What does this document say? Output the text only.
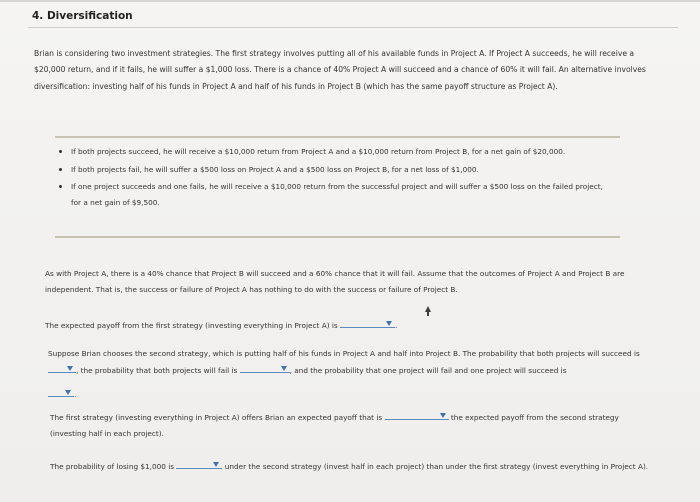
4. Diversification
Brian is considering two investment strategies. The first strategy involves putting all of his available funds in Project A. If Project A succeeds, he will receive a $20,000 return, and if it fails, he will suffer a $1,000 loss. There is a chance of 40% Project A will succeed and a chance of 60% it will fail. An alternative involves diversification: investing half of his funds in Project A and half of his funds in Project B (which has the same payoff structure as Project A).
If both projects succeed, he will receive a $10,000 return from Project A and a $10,000 return from Project B, for a net gain of $20,000.
If both projects fail, he will suffer a $500 loss on Project A and a $500 loss on Project B, for a net loss of $1,000.
If one project succeeds and one fails, he will receive a $10,000 return from the successful project and will suffer a $500 loss on the failed project, for a net gain of $9,500.
As with Project A, there is a 40% chance that Project B will succeed and a 60% chance that it will fail. Assume that the outcomes of Project A and Project B are independent. That is, the success or failure of Project A has nothing to do with the success or failure of Project B.
The expected payoff from the first strategy (investing everything in Project A) is	.
Suppose Brian chooses the second strategy, which is putting half of his funds in Project A and half into Project B. The probability that both projects will succeed is
, the probability that both projects will fail is	, and the probability that one project will fail and one project will succeed is

.
The first strategy (investing everything in Project A) offers Brian an expected payoff that is	the expected payoff from the second strategy (investing half in each project).
The probability of losing $1,000 is	under the second strategy (invest half in each project) than under the first strategy (invest everything in Project A).
